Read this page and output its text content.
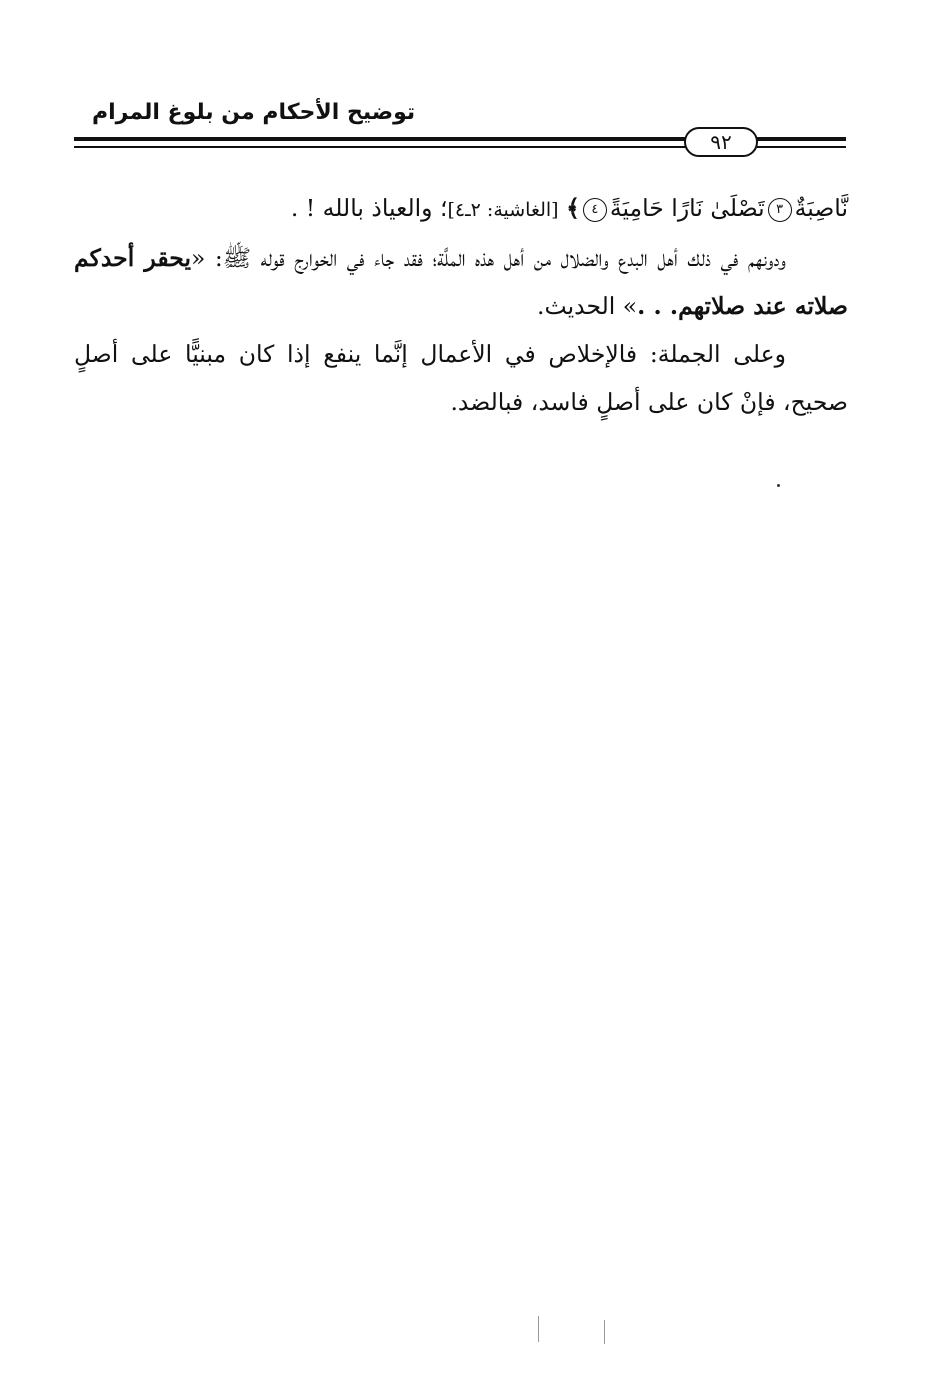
توضيح الأحكام من بلوغ المرام
٩٢

نَّاصِبَةٌ٣تَصْلَىٰ نَارًا حَامِيَةً٤﴾ [الغاشية: ٢ـ٤]؛ والعياذ بالله ! .

ودونهم في ذلك أهل البدع والضلال من أهل هذه الملَّة؛ فقد جاء في الخوارج قوله ﷺ: «يحقر أحدكم صلاته عند صلاتهم. . .» الحديث.

وعلى الجملة: فالإخلاص في الأعمال إنَّما ينفع إذا كان مبنيًّا على أصلٍ صحيح، فإنْ كان على أصلٍ فاسد، فبالضد.
